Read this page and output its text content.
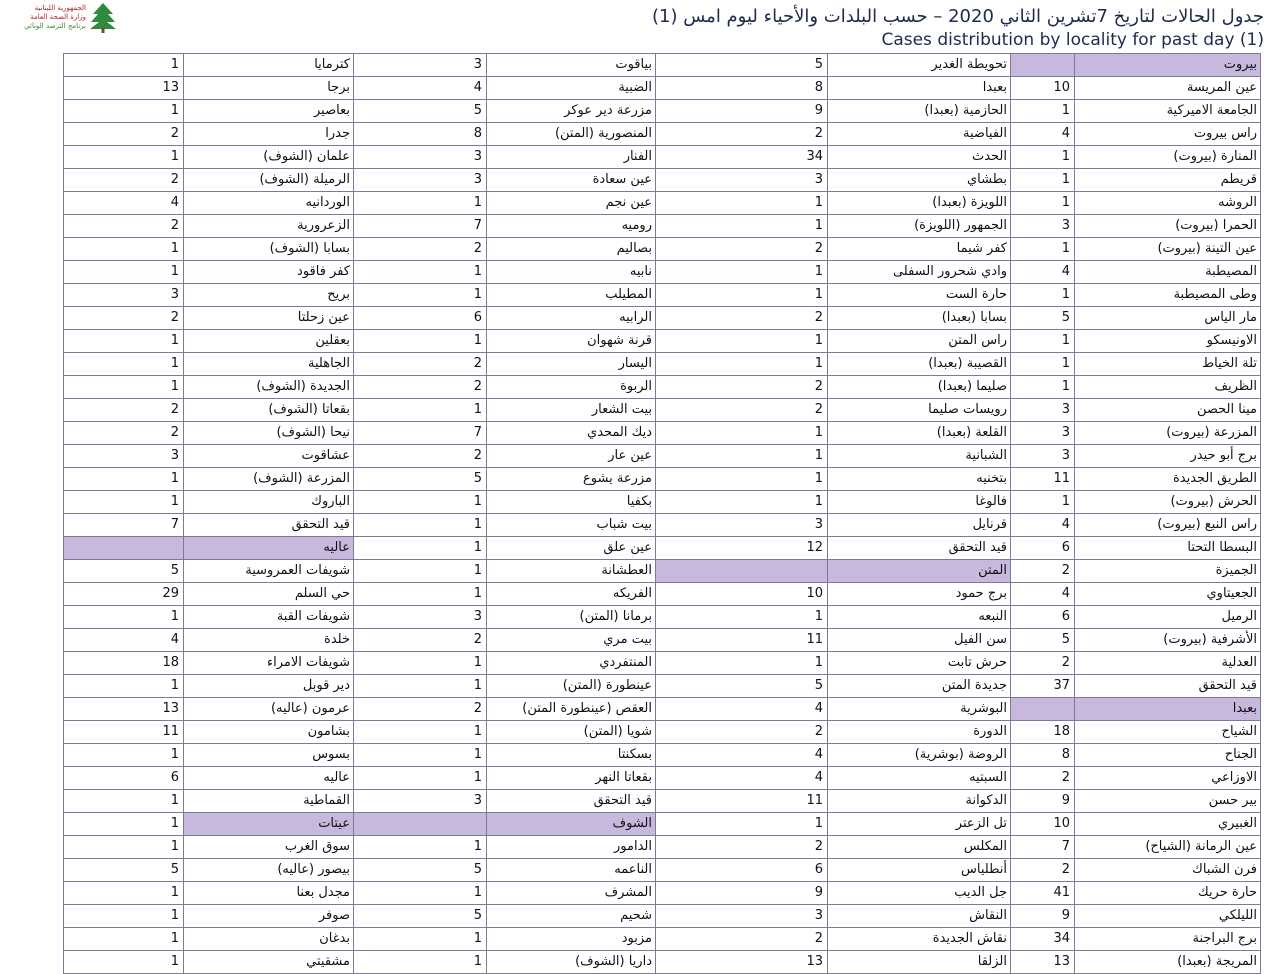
الجمهورية اللبنانية
وزارة الصحة العامة
برنامج الترصد الوبائي	جدول الحالات لتاريخ 7تشرين الثاني 2020 – حسب البلدات والأحياء ليوم امس (1)
Cases distribution by locality for past day (1)
1	كترمايا	3	بياقوت	5	تحويطة الغدير		بيروت
13	برجا	4	الضبية	8	بعبدا	10	عين المريسة
1	بعاصير	5	مزرعة دير عوكر	9	الحازمية (بعبدا)	1	الجامعة الاميركية
2	جدرا	8	المنصورية (المتن)	2	الفياضية	4	راس بيروت
1	علمان (الشوف)	3	الفنار	34	الحدث	1	المنارة (بيروت)
2	الرميلة (الشوف)	3	عين سعادة	3	بطشاي	1	قريطم
4	الوردانيه	1	عين نجم	1	اللويزة (بعبدا)	1	الروشه
2	الزعرورية	7	روميه	1	الجمهور (اللويزة)	3	الحمرا (بيروت)
1	بسابا (الشوف)	2	بصاليم	2	كفر شيما	1	عين التينة (بيروت)
1	كفر فاقود	1	نابيه	1	وادي شحرور السفلى	4	المصيطبة
3	بريح	1	المطيلب	1	حارة الست	1	وطى المصيطبة
2	عين زحلتا	6	الرابيه	2	بسابا (بعبدا)	5	مار الياس
1	بعقلين	1	قرنة شهوان	1	راس المتن	1	الاونيسكو
1	الجاهلية	2	اليسار	1	القصيبة (بعبدا)	1	تلة الخياط
1	الجديدة (الشوف)	2	الربوة	2	صليما (بعبدا)	1	الظريف
2	بقعاتا (الشوف)	1	بيت الشعار	2	رويسات صليما	3	مينا الحصن
2	نيحا (الشوف)	7	ديك المحدي	1	القلعة (بعبدا)	3	المزرعة (بيروت)
3	عشاقوت	2	عين عار	1	الشبانية	3	برج أبو حيدر
1	المزرعة (الشوف)	5	مزرعة يشوع	1	بتخنيه	11	الطريق الجديدة
1	الباروك	1	بكفيا	1	فالوغا	1	الحرش (بيروت)
7	قيد التحقق	1	بيت شباب	3	قرنايل	4	راس النبع (بيروت)
	عاليه	1	عين علق	12	قيد التحقق	6	البسطا التحتا
5	شويفات العمروسية	1	العطشانة		المتن	2	الجميزة
29	حي السلم	1	الفريكه	10	برج حمود	4	الجعيتاوي
1	شويفات القبة	3	برمانا (المتن)	1	النبعه	6	الرميل
4	خلدة	2	بيت مري	11	سن الفيل	5	الأشرفية (بيروت)
18	شويفات الامراء	1	المنتفردي	1	حرش تابت	2	العدلية
1	دير قوبل	1	عينطورة (المتن)	5	جديدة المتن	37	قيد التحقق
13	عرمون (عاليه)	2	العقص (عينطورة المتن)	4	البوشرية		بعبدا
11	بشامون	1	شويا (المتن)	2	الدورة	18	الشياح
1	بسوس	1	بسكنتا	4	الروضة (بوشرية)	8	الجناح
6	عاليه	1	بقعاتا النهر	4	السبتيه	2	الاوزاعي
1	القماطية	3	قيد التحقق	11	الدكوانة	9	بير حسن
1	عيتات		الشوف	1	تل الزعتر	10	الغبيري
1	سوق الغرب	1	الدامور	2	المكلس	7	عين الرمانة (الشياح)
5	بيصور (عاليه)	5	الناعمه	6	أنطلياس	2	فرن الشباك
1	مجدل بعنا	1	المشرف	9	جل الديب	41	حارة حريك
1	صوفر	5	شحيم	3	النقاش	9	الليلكي
1	بدغان	1	مزبود	2	نقاش الجديدة	34	برج البراجنة
1	مشقيتي	1	داريا (الشوف)	13	الزلقا	13	المريجة (بعبدا)
